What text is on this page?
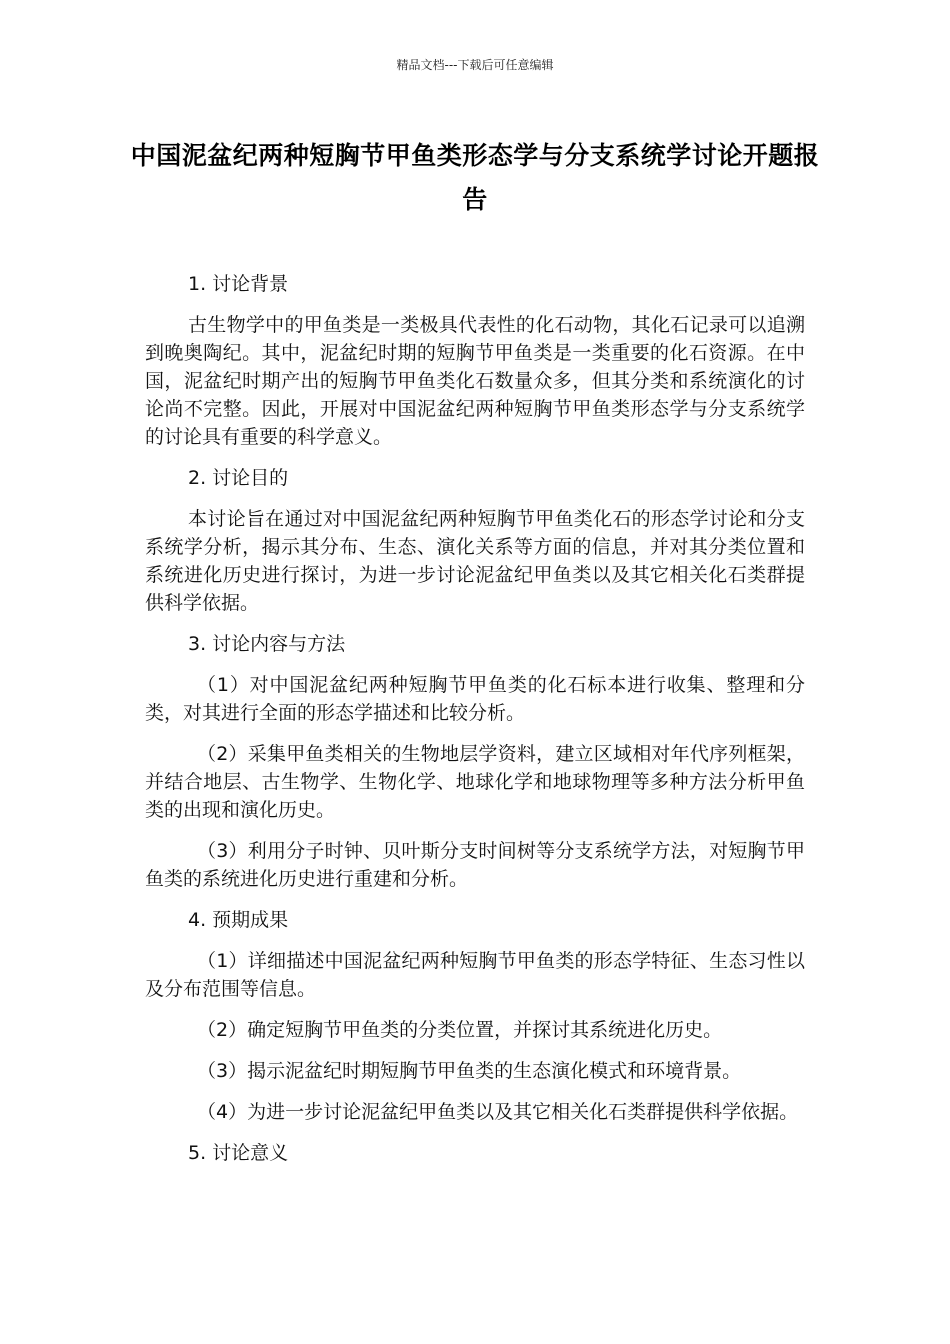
精品文档---下载后可任意编辑
中国泥盆纪两种短胸节甲鱼类形态学与分支系统学讨论开题报告

1. 讨论背景

古生物学中的甲鱼类是一类极具代表性的化石动物，其化石记录可以追溯到晚奥陶纪。其中，泥盆纪时期的短胸节甲鱼类是一类重要的化石资源。在中国，泥盆纪时期产出的短胸节甲鱼类化石数量众多，但其分类和系统演化的讨论尚不完整。因此，开展对中国泥盆纪两种短胸节甲鱼类形态学与分支系统学的讨论具有重要的科学意义。

2. 讨论目的

本讨论旨在通过对中国泥盆纪两种短胸节甲鱼类化石的形态学讨论和分支系统学分析，揭示其分布、生态、演化关系等方面的信息，并对其分类位置和系统进化历史进行探讨，为进一步讨论泥盆纪甲鱼类以及其它相关化石类群提供科学依据。

3. 讨论内容与方法

（1）对中国泥盆纪两种短胸节甲鱼类的化石标本进行收集、整理和分类，对其进行全面的形态学描述和比较分析。

（2）采集甲鱼类相关的生物地层学资料，建立区域相对年代序列框架，并结合地层、古生物学、生物化学、地球化学和地球物理等多种方法分析甲鱼类的出现和演化历史。

（3）利用分子时钟、贝叶斯分支时间树等分支系统学方法，对短胸节甲鱼类的系统进化历史进行重建和分析。

4. 预期成果

（1）详细描述中国泥盆纪两种短胸节甲鱼类的形态学特征、生态习性以及分布范围等信息。

（2）确定短胸节甲鱼类的分类位置，并探讨其系统进化历史。

（3）揭示泥盆纪时期短胸节甲鱼类的生态演化模式和环境背景。

（4）为进一步讨论泥盆纪甲鱼类以及其它相关化石类群提供科学依据。

5. 讨论意义
